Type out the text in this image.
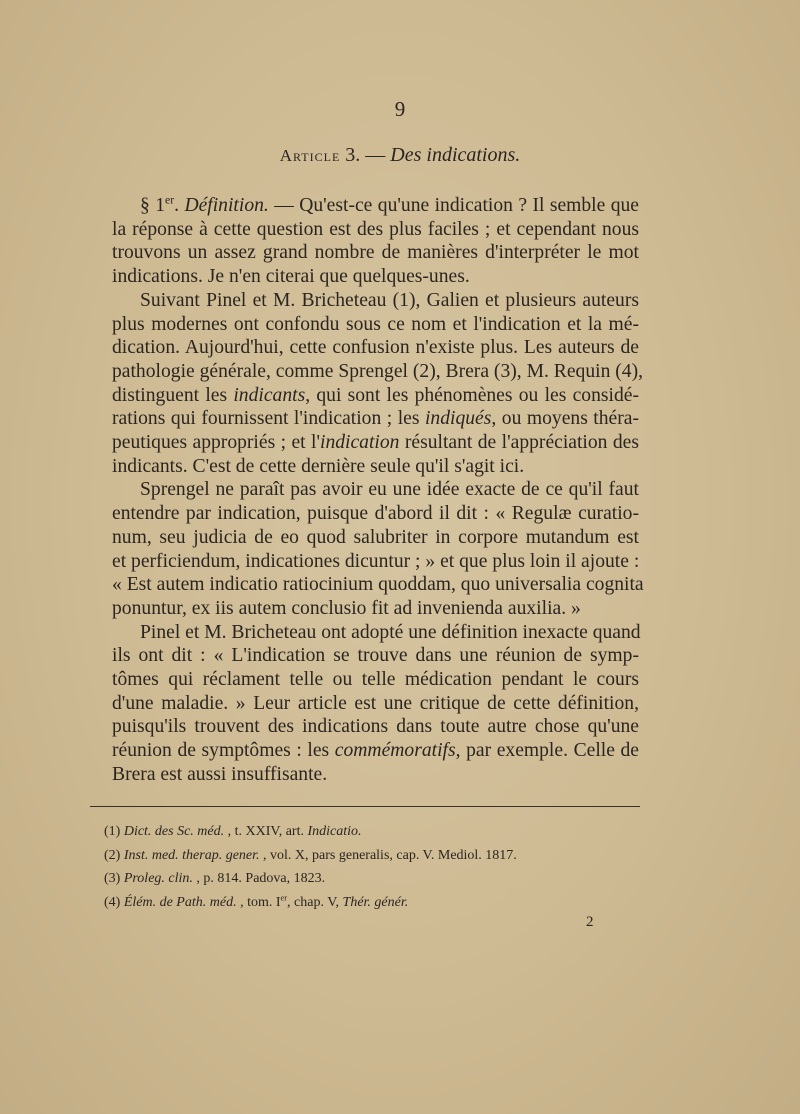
9
Article 3. — Des indications.

§ 1er. Définition. — Qu'est-ce qu'une indication ? Il semble que
la réponse à cette question est des plus faciles ; et cependant nous
trouvons un assez grand nombre de manières d'interpréter le mot
indications. Je n'en citerai que quelques-unes.

Suivant Pinel et M. Bricheteau (1), Galien et plusieurs auteurs
plus modernes ont confondu sous ce nom et l'indication et la mé-
dication. Aujourd'hui, cette confusion n'existe plus. Les auteurs de
pathologie générale, comme Sprengel (2), Brera (3), M. Requin (4),
distinguent les indicants, qui sont les phénomènes ou les considé-
rations qui fournissent l'indication ; les indiqués, ou moyens théra-
peutiques appropriés ; et l'indication résultant de l'appréciation des
indicants. C'est de cette dernière seule qu'il s'agit ici.

Sprengel ne paraît pas avoir eu une idée exacte de ce qu'il faut
entendre par indication, puisque d'abord il dit : « Regulæ curatio-
num, seu judicia de eo quod salubriter in corpore mutandum est
et perficiendum, indicationes dicuntur ; » et que plus loin il ajoute :
« Est autem indicatio ratiocinium quoddam, quo universalia cognita
ponuntur, ex iis autem conclusio fit ad invenienda auxilia. »

Pinel et M. Bricheteau ont adopté une définition inexacte quand
ils ont dit : « L'indication se trouve dans une réunion de symp-
tômes qui réclament telle ou telle médication pendant le cours
d'une maladie. » Leur article est une critique de cette définition,
puisqu'ils trouvent des indications dans toute autre chose qu'une
réunion de symptômes : les commémoratifs, par exemple. Celle de
Brera est aussi insuffisante.

(1) Dict. des Sc. méd. , t. XXIV, art. Indicatio.
(2) Inst. med. therap. gener. , vol. X, pars generalis, cap. V. Mediol. 1817.
(3) Proleg. clin. , p. 814. Padova, 1823.
(4) Élém. de Path. méd. , tom. Ier, chap. V, Thér. génér.
2
